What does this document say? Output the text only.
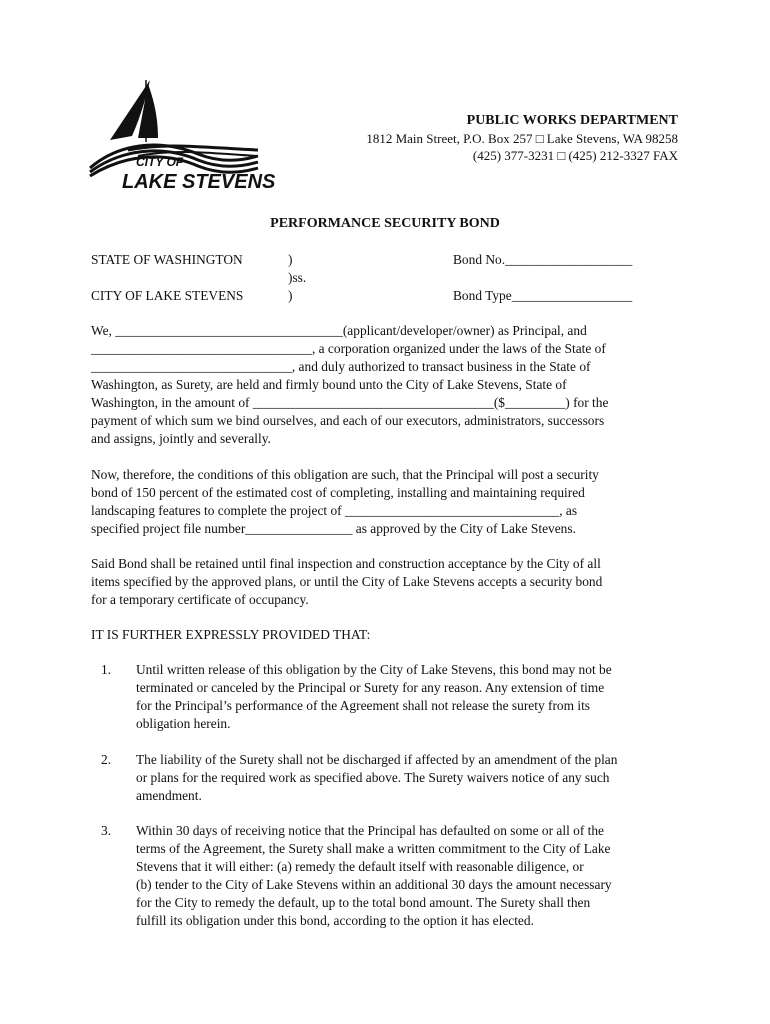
CITY OF
LAKE STEVENS
PUBLIC WORKS DEPARTMENT
1812 Main Street, P.O. Box 257 □ Lake Stevens, WA 98258
(425) 377-3231 □ (425) 212-3327 FAX
PERFORMANCE SECURITY BOND
STATE OF WASHINGTON	)	Bond No.___________________
)ss.
CITY OF LAKE STEVENS	)	Bond Type__________________

We, __________________________________(applicant/developer/owner) as Principal, and

_________________________________, a corporation organized under the laws of the State of

______________________________, and duly authorized to transact business in the State of

Washington, as Surety, are held and firmly bound unto the City of Lake Stevens, State of

Washington, in the amount of ____________________________________($_________) for the

payment of which sum we bind ourselves, and each of our executors, administrators, successors

and assigns, jointly and severally.

Now, therefore, the conditions of this obligation are such, that the Principal will post a security

bond of 150 percent of the estimated cost of completing, installing and maintaining required

landscaping features to complete the project of ________________________________, as

specified project file number________________ as approved by the City of Lake Stevens.

Said Bond shall be retained until final inspection and construction acceptance by the City of all

items specified by the approved plans, or until the City of Lake Stevens accepts a security bond

for a temporary certificate of occupancy.

IT IS FURTHER EXPRESSLY PROVIDED THAT:

1. Until written release of this obligation by the City of Lake Stevens, this bond may not be

terminated or canceled by the Principal or Surety for any reason. Any extension of time

for the Principal’s performance of the Agreement shall not release the surety from its

obligation herein.

2. The liability of the Surety shall not be discharged if affected by an amendment of the plan

or plans for the required work as specified above. The Surety waivers notice of any such

amendment.

3. Within 30 days of receiving notice that the Principal has defaulted on some or all of the

terms of the Agreement, the Surety shall make a written commitment to the City of Lake

Stevens that it will either: (a) remedy the default itself with reasonable diligence, or

(b) tender to the City of Lake Stevens within an additional 30 days the amount necessary

for the City to remedy the default, up to the total bond amount. The Surety shall then

fulfill its obligation under this bond, according to the option it has elected.
